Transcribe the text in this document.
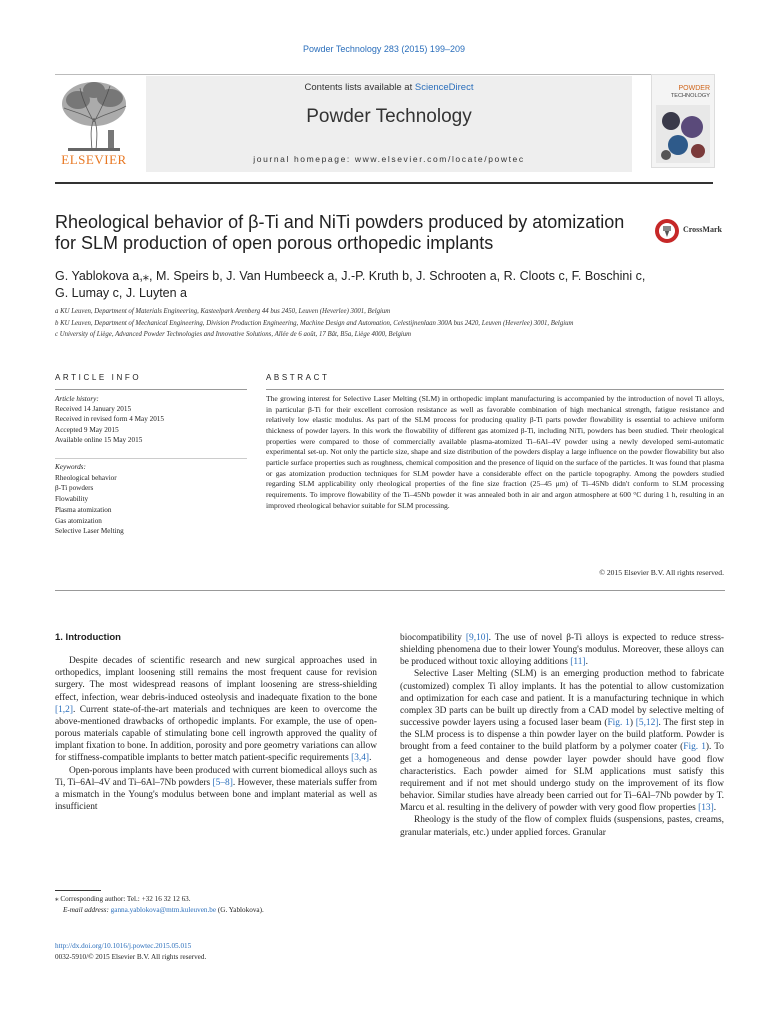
Powder Technology 283 (2015) 199–209
ELSEVIER
Contents lists available at ScienceDirect
Powder Technology
journal homepage: www.elsevier.com/locate/powtec
POWDER
TECHNOLOGY
Rheological behavior of β-Ti and NiTi powders produced by atomization
for SLM production of open porous orthopedic implants
CrossMark
G. Yablokova a,⁎, M. Speirs b, J. Van Humbeeck a, J.-P. Kruth b, J. Schrooten a, R. Cloots c, F. Boschini c,
G. Lumay c, J. Luyten a
a KU Leuven, Department of Materials Engineering, Kasteelpark Arenberg 44 bus 2450, Leuven (Heverlee) 3001, Belgium
b KU Leuven, Department of Mechanical Engineering, Division Production Engineering, Machine Design and Automation, Celestijnenlaan 300A bus 2420, Leuven (Heverlee) 3001, Belgium
c University of Liège, Advanced Powder Technologies and Innovative Solutions, Allée de 6 août, 17 Bât, B5a, Liège 4000, Belgium
ARTICLE INFO	ABSTRACT
Article history:
Received 14 January 2015
Received in revised form 4 May 2015
Accepted 9 May 2015
Available online 15 May 2015
Keywords:
Rheological behavior
β-Ti powders
Flowability
Plasma atomization
Gas atomization
Selective Laser Melting
The growing interest for Selective Laser Melting (SLM) in orthopedic implant manufacturing is accompanied by the introduction of novel Ti alloys, in particular β-Ti for their excellent corrosion resistance as well as favorable combination of high mechanical strength, fatigue resistance and relatively low elastic modulus. As part of the SLM process for producing quality β-Ti parts powder flowability is essential to achieve uniform thickness of powder layers. In this work the flowability of different gas atomized β-Ti, including NiTi, powders has been studied. Their rheological properties were compared to those of commercially available plasma-atomized Ti–6Al–4V powder using a newly developed semi-automatic experimental set-up. Not only the particle size, shape and size distribution of the powders display a large influence on the powder flowability but also particle surface properties such as roughness, chemical composition and the presence of liquid on the surface of the particles. It was found that plasma or gas atomization production techniques for SLM powder have a considerable effect on the particle topography. Among the powders studied regarding SLM applicability only rheological properties of the fine size fraction (25–45 μm) of Ti–45Nb didn't conform to SLM processing requirements. To improve flowability of the Ti–45Nb powder it was annealed both in air and argon atmosphere at 600 °C during 1 h, resulting in an improved rheological behavior suitable for SLM processing.
© 2015 Elsevier B.V. All rights reserved.
1. Introduction

Despite decades of scientific research and new surgical approaches used in orthopedics, implant loosening still remains the most frequent cause for revision surgery. The most widespread reasons of implant loosening are stress-shielding effect, infection, wear debris-induced osteolysis and inadequate fixation to the bone [1,2]. Current state-of-the-art materials and techniques are keen to overcome the above-mentioned drawbacks of orthopedic implants. For example, the use of open-porous materials capable of stimulating bone cell ingrowth approved the quality of implant fixation to bone. In addition, porosity and pore geometry variations can allow for stiffness-compatible implants to better match patient-specific requirements [3,4].

Open-porous implants have been produced with current biomedical alloys such as Ti, Ti–6Al–4V and Ti–6Al–7Nb powders [5–8]. However, these materials suffer from a mismatch in the Young's modulus between bone and implant material as well as insufficient

biocompatibility [9,10]. The use of novel β-Ti alloys is expected to reduce stress-shielding phenomena due to their lower Young's modulus. Moreover, these alloys can be produced without toxic alloying additions [11].

Selective Laser Melting (SLM) is an emerging production method to fabricate (customized) complex Ti alloy implants. It has the potential to allow customization and optimization for each case and patient. It is a manufacturing technique in which complex 3D parts can be built up directly from a CAD model by selective melting of successive powder layers using a focused laser beam (Fig. 1) [5,12]. The first step in the SLM process is to dispense a thin powder layer on the build platform. Powder is brought from a feed container to the build platform by a polymer coater (Fig. 1). To get a homogeneous and dense powder layer powder should have good flow characteristics. Each powder aimed for SLM applications must satisfy this requirement and if not met should undergo study on the improvement of its flow behavior. Similar studies have already been carried out for Ti–6Al–7Nb powder by T. Marcu et al. resulting in the delivery of powder with very good flow properties [13].

Rheology is the study of the flow of complex fluids (suspensions, pastes, creams, granular materials, etc.) under applied forces. Granular

⁎ Corresponding author: Tel.: +32 16 32 12 63.
E-mail address: ganna.yablokova@mtm.kuleuven.be (G. Yablokova).
http://dx.doi.org/10.1016/j.powtec.2015.05.015
0032-5910/© 2015 Elsevier B.V. All rights reserved.
